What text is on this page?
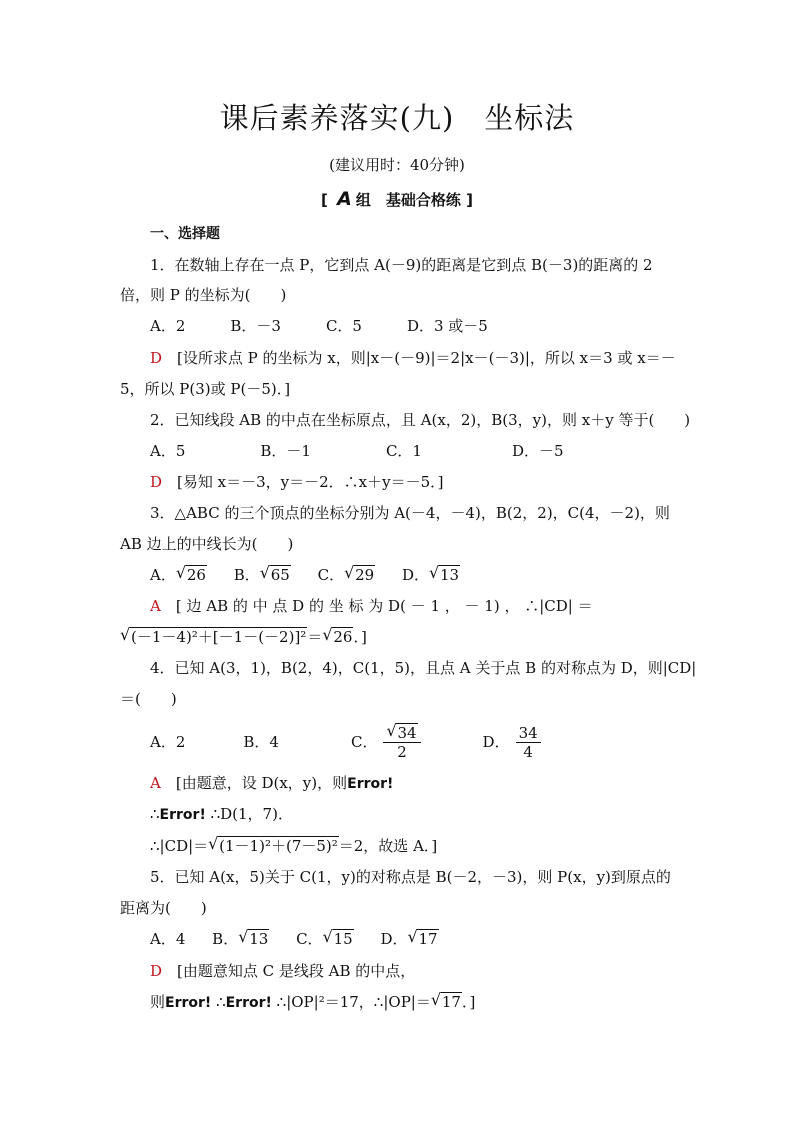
课后素养落实(九)　坐标法
(建议用时：40分钟)
[ A 组　基础合格练 ]
一、选择题
1．在数轴上存在一点 P，它到点 A(－9)的距离是它到点 B(－3)的距离的 2
倍，则 P 的坐标为(　　)
A．2　　　B．－3　　　C．5　　　D．3 或－5
D　[设所求点 P 的坐标为 x，则|x－(－9)|＝2|x－(－3)|，所以 x＝3 或 x＝－
5，所以 P(3)或 P(－5)．]
2．已知线段 AB 的中点在坐标原点，且 A(x，2)，B(3，y)，则 x＋y 等于(　　)
A．5　　　　　B．－1　　　　　C．1　　　　　　D．－5
D　[易知 x＝－3，y＝－2．∴x＋y＝－5．]
3．△ABC 的三个顶点的坐标分别为 A(－4，－4)，B(2，2)，C(4，－2)，则
AB 边上的中线长为(　　)
A． √ 26 B． √ 65 C． √ 29 D． √ 13
A　[ 边 AB 的 中 点 D 的 坐 标 为 D( － 1 ， － 1) ， ∴|CD| ＝
√ (－1－4)²＋[－1－(－2)]²＝ √ 26．]
4．已知 A(3，1)，B(2，4)，C(1，5)，且点 A 关于点 B 的对称点为 D，则|CD|
＝(　　)
A．2	B．4	C． √ $\frac{34}{2}$	D． $\frac{34}{4}$
A　[由题意，设 D(x，y)，则Error!
∴Error! ∴D(1，7)．
∴|CD|＝ √ (1－1)²＋(7－5)²＝2，故选 A．]
5．已知 A(x，5)关于 C(1，y)的对称点是 B(－2，－3)，则 P(x，y)到原点的
距离为(　　)
A．4 B． √ 13 C． √ 15 D． √ 17
D　[由题意知点 C 是线段 AB 的中点，
则Error! ∴Error! ∴|OP|²＝17，∴|OP|＝ √ 17．]
